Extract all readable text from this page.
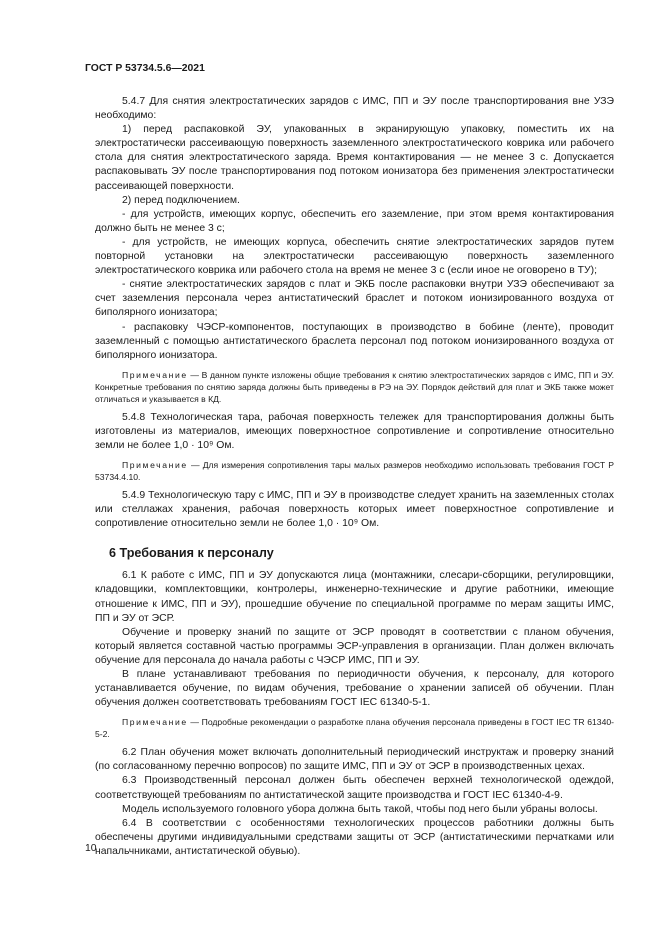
ГОСТ Р 53734.5.6—2021

5.4.7 Для снятия электростатических зарядов с ИМС, ПП и ЭУ после транспортирования вне УЗЭ необходимо:

1) перед распаковкой ЭУ, упакованных в экранирующую упаковку, поместить их на электростатически рассеивающую поверхность заземленного электростатического коврика или рабочего стола для снятия электростатического заряда. Время контактирования — не менее 3 с. Допускается распаковывать ЭУ после транспортирования под потоком ионизатора без применения электростатически рассеивающей поверхности.

2) перед подключением.

- для устройств, имеющих корпус, обеспечить его заземление, при этом время контактирования должно быть не менее 3 с;

- для устройств, не имеющих корпуса, обеспечить снятие электростатических зарядов путем повторной установки на электростатически рассеивающую поверхность заземленного электростатического коврика или рабочего стола на время не менее 3 с (если иное не оговорено в ТУ);

- снятие электростатических зарядов с плат и ЭКБ после распаковки внутри УЗЭ обеспечивают за счет заземления персонала через антистатический браслет и потоком ионизированного воздуха от биполярного ионизатора;

- распаковку ЧЭСР-компонентов, поступающих в производство в бобине (ленте), проводит заземленный с помощью антистатического браслета персонал под потоком ионизированного воздуха от биполярного ионизатора.

Примечание — В данном пункте изложены общие требования к снятию электростатических зарядов с ИМС, ПП и ЭУ. Конкретные требования по снятию заряда должны быть приведены в РЭ на ЭУ. Порядок действий для плат и ЭКБ также может отличаться и указывается в КД.

5.4.8 Технологическая тара, рабочая поверхность тележек для транспортирования должны быть изготовлены из материалов, имеющих поверхностное сопротивление и сопротивление относительно земли не более 1,0 · 10⁹ Ом.

Примечание — Для измерения сопротивления тары малых размеров необходимо использовать требования ГОСТ Р 53734.4.10.

5.4.9 Технологическую тару с ИМС, ПП и ЭУ в производстве следует хранить на заземленных столах или стеллажах хранения, рабочая поверхность которых имеет поверхностное сопротивление и сопротивление относительно земли не более 1,0 · 10⁹ Ом.

6 Требования к персоналу

6.1 К работе с ИМС, ПП и ЭУ допускаются лица (монтажники, слесари-сборщики, регулировщики, кладовщики, комплектовщики, контролеры, инженерно-технические и другие работники, имеющие отношение к ИМС, ПП и ЭУ), прошедшие обучение по специальной программе по мерам защиты ИМС, ПП и ЭУ от ЭСР.

Обучение и проверку знаний по защите от ЭСР проводят в соответствии с планом обучения, который является составной частью программы ЭСР-управления в организации. План должен включать обучение для персонала до начала работы с ЧЭСР ИМС, ПП и ЭУ.

В плане устанавливают требования по периодичности обучения, к персоналу, для которого устанавливается обучение, по видам обучения, требование о хранении записей об обучении. План обучения должен соответствовать требованиям ГОСТ IEC 61340-5-1.

Примечание — Подробные рекомендации о разработке плана обучения персонала приведены в ГОСТ IEC TR 61340-5-2.

6.2 План обучения может включать дополнительный периодический инструктаж и проверку знаний (по согласованному перечню вопросов) по защите ИМС, ПП и ЭУ от ЭСР в производственных цехах.

6.3 Производственный персонал должен быть обеспечен верхней технологической одеждой, соответствующей требованиям по антистатической защите производства и ГОСТ IEC 61340-4-9.

Модель используемого головного убора должна быть такой, чтобы под него были убраны волосы.

6.4 В соответствии с особенностями технологических процессов работники должны быть обеспечены другими индивидуальными средствами защиты от ЭСР (антистатическими перчатками или напальчниками, антистатической обувью).

10
